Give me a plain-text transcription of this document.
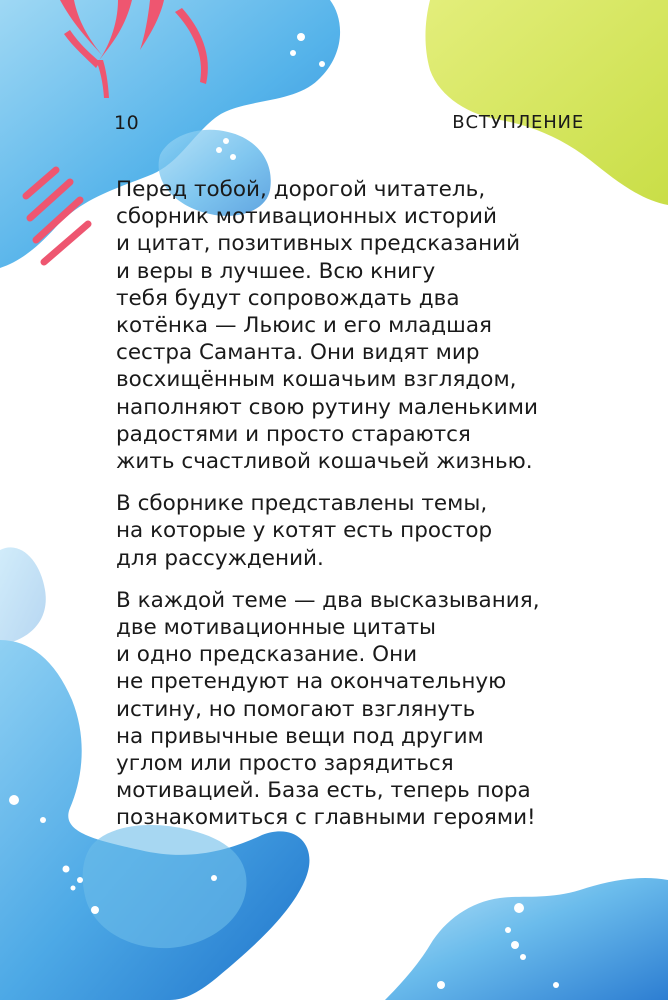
10	ВСТУПЛЕНИЕ

Перед тобой, дорогой читатель,
сборник мотивационных историй
и цитат, позитивных предсказаний
и веры в лучшее. Всю книгу
тебя будут сопровождать два
котёнка — Льюис и его младшая
сестра Саманта. Они видят мир
восхищённым кошачьим взглядом,
наполняют свою рутину маленькими
радостями и просто стараются
жить счастливой кошачьей жизнью.

В сборнике представлены темы,
на которые у котят есть простор
для рассуждений.

В каждой теме — два высказывания,
две мотивационные цитаты
и одно предсказание. Они
не претендуют на окончательную
истину, но помогают взглянуть
на привычные вещи под другим
углом или просто зарядиться
мотивацией. База есть, теперь пора
познакомиться с главными героями!
